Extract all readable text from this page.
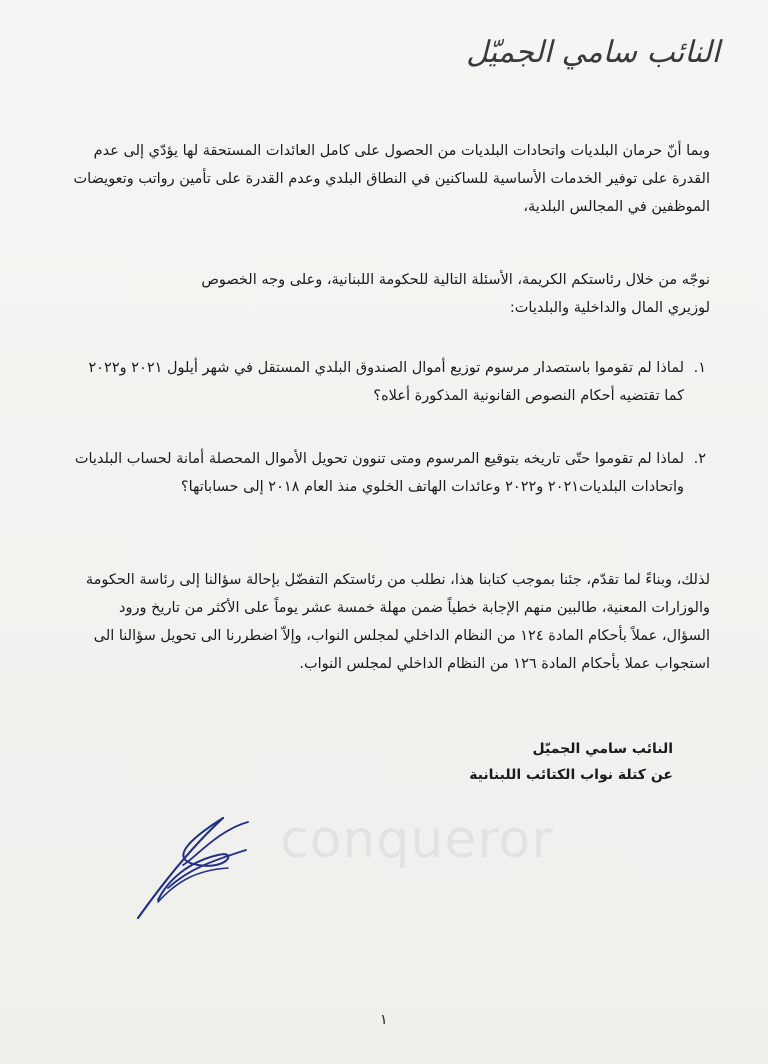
النائب سامي الجميّل
وبما أنّ حرمان البلديات واتحادات البلديات من الحصول على كامل العائدات المستحقة لها يؤدّي إلى عدم
القدرة على توفير الخدمات الأساسية للساكنين في النطاق البلدي وعدم القدرة على تأمين رواتب وتعويضات
الموظفين في المجالس البلدية،
نوجّه من خلال رئاستكم الكريمة، الأسئلة التالية للحكومة اللبنانية، وعلى وجه الخصوص
لوزيري المال والداخلية والبلديات:
١.
لماذا لم تقوموا باستصدار مرسوم توزيع أموال الصندوق البلدي المستقل في شهر أيلول ٢٠٢١ و٢٠٢٢
كما تقتضيه أحكام النصوص القانونية المذكورة أعلاه؟
٢.
لماذا لم تقوموا حتّى تاريخه بتوقيع المرسوم ومتى تنوون تحويل الأموال المحصلة أمانة لحساب البلديات
واتحادات البلديات٢٠٢١ و٢٠٢٢ وعائدات الهاتف الخلوي منذ العام ٢٠١٨ إلى حساباتها؟
لذلك، وبناءً لما تقدّم، جئنا بموجب كتابنا هذا، نطلب من رئاستكم التفضّل بإحالة سؤالنا إلى رئاسة الحكومة
والوزارات المعنية، طالبين منهم الإجابة خطياً ضمن مهلة خمسة عشر يوماً على الأكثر من تاريخ ورود
السؤال، عملاً بأحكام المادة ١٢٤ من النظام الداخلي لمجلس النواب، وإلاّ اضطررنا الى تحويل سؤالنا الى
استجواب عملا بأحكام المادة ١٢٦ من النظام الداخلي لمجلس النواب.
النائب سامي الجميّل
عن كتلة نواب الكتائب اللبنانية
conqueror
١
